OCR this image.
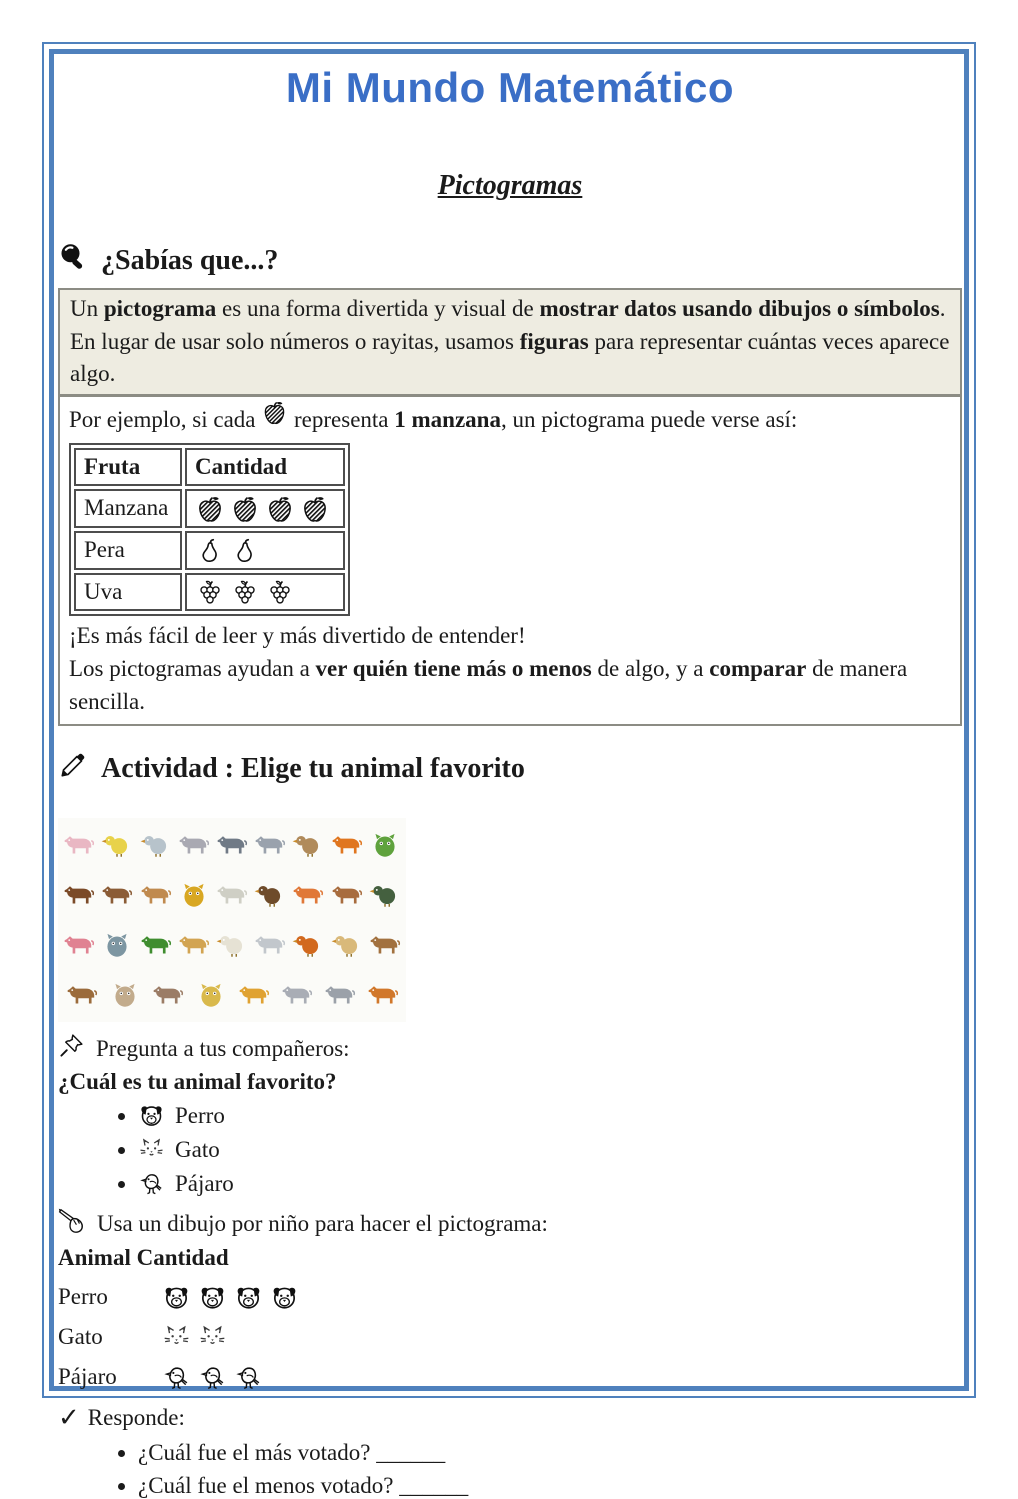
Mi Mundo Matemático
Pictogramas
¿Sabías que...?

Un pictograma es una forma divertida y visual de mostrar datos usando dibujos o símbolos.

En lugar de usar solo números o rayitas, usamos figuras para representar cuántas veces aparece algo.

Por ejemplo, si cada  representa 1 manzana, un pictograma puede verse así:

Fruta	Cantidad
Manzana	
Pera	
Uva	

¡Es más fácil de leer y más divertido de entender!

Los pictogramas ayudan a ver quién tiene más o menos de algo, y a comparar de manera sencilla.

Actividad : Elige tu animal favorito

Pregunta a tus compañeros:

¿Cuál es tu animal favorito?

• Perro
• Gato
• Pájaro

Usa un dibujo por niño para hacer el pictograma:

Animal Cantidad

Perro
Gato
Pájaro

✓ Responde:

• ¿Cuál fue el más votado? ______
• ¿Cuál fue el menos votado? ______
